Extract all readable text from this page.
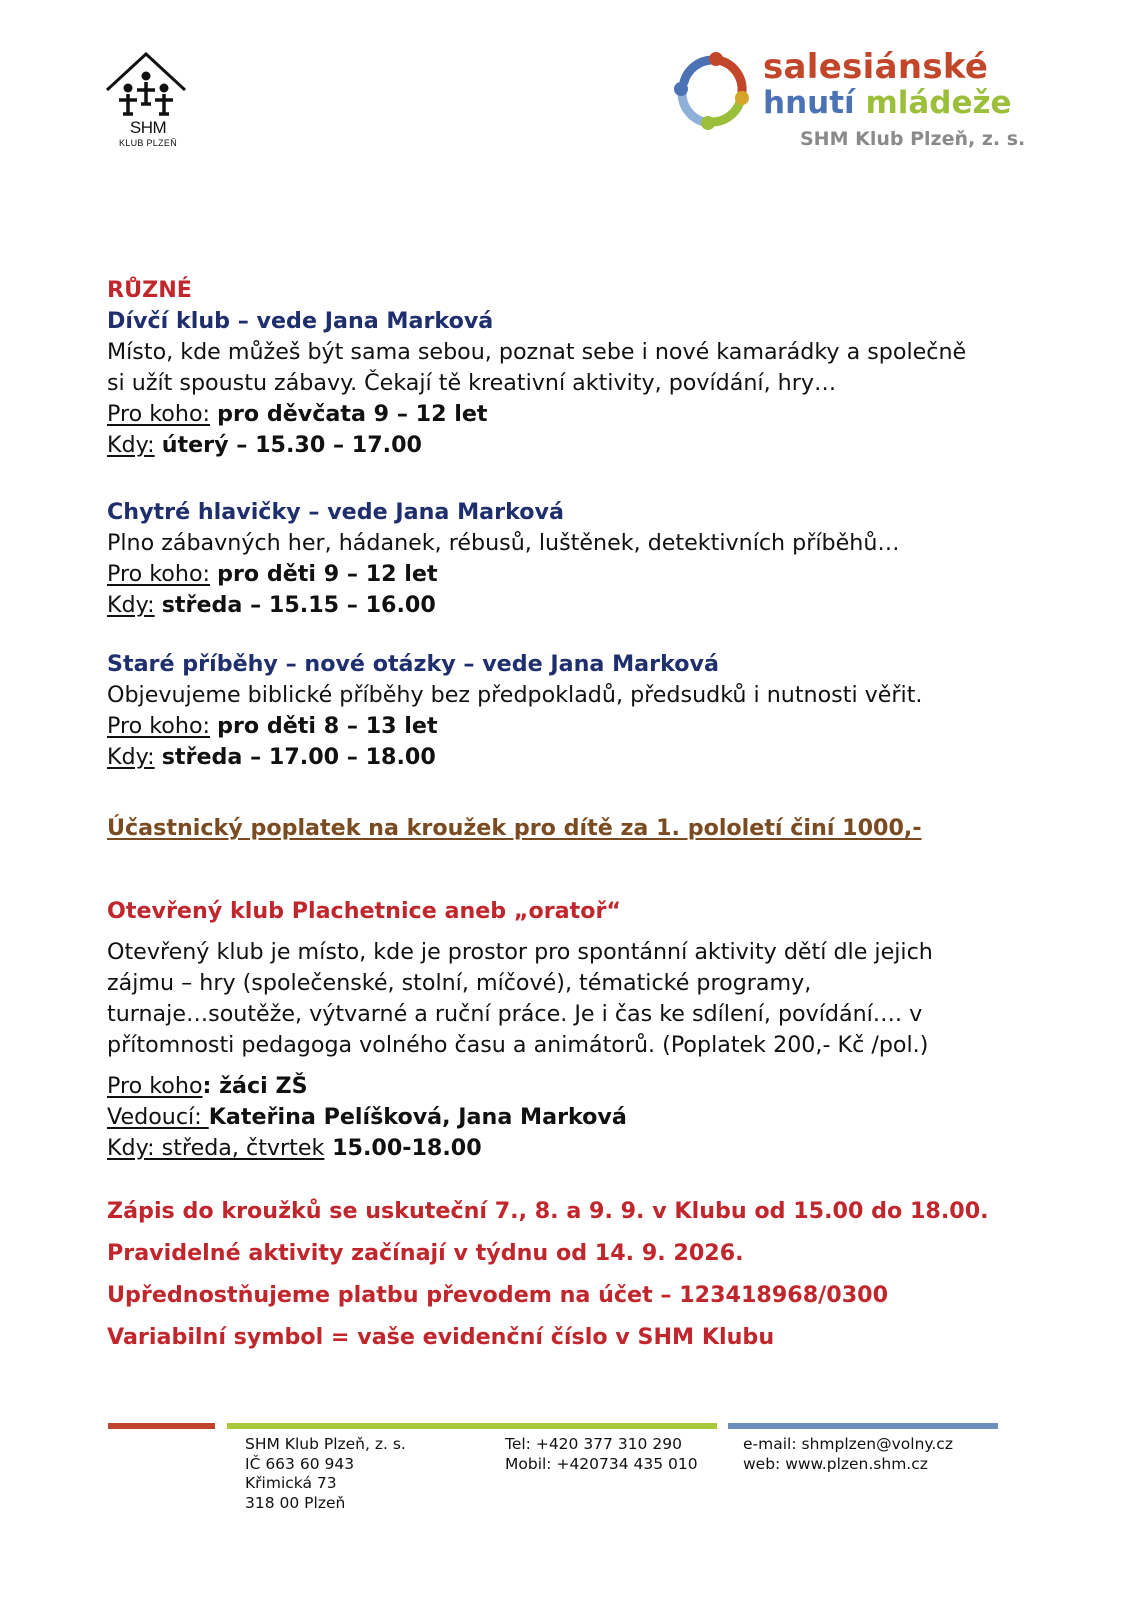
SHM
KLUB PLZEŇ
salesiánské
hnutí mládeže
SHM Klub Plzeň, z. s.
RŮZNÉ
Dívčí klub – vede Jana Marková
Místo, kde můžeš být sama sebou, poznat sebe i nové kamarádky a společně
si užít spoustu zábavy. Čekají tě kreativní aktivity, povídání, hry…
Pro koho: pro děvčata 9 – 12 let
Kdy: úterý – 15.30 – 17.00
Chytré hlavičky – vede Jana Marková
Plno zábavných her, hádanek, rébusů, luštěnek, detektivních příběhů…
Pro koho: pro děti 9 – 12 let
Kdy: středa – 15.15 – 16.00
Staré příběhy – nové otázky – vede Jana Marková
Objevujeme biblické příběhy bez předpokladů, předsudků i nutnosti věřit.
Pro koho: pro děti 8 – 13 let
Kdy: středa – 17.00 – 18.00
Účastnický poplatek na kroužek pro dítě za 1. pololetí činí 1000,-
Otevřený klub Plachetnice aneb „oratoř“
Otevřený klub je místo, kde je prostor pro spontánní aktivity dětí dle jejich
zájmu – hry (společenské, stolní, míčové), tématické programy,
turnaje…soutěže, výtvarné a ruční práce. Je i čas ke sdílení, povídání…. v
přítomnosti pedagoga volného času a animátorů. (Poplatek 200,- Kč /pol.)
Pro koho: žáci ZŠ
Vedoucí: Kateřina Pelíšková, Jana Marková
Kdy: středa, čtvrtek 15.00-18.00
Zápis do kroužků se uskuteční 7., 8. a 9. 9. v Klubu od 15.00 do 18.00.
Pravidelné aktivity začínají v týdnu od 14. 9. 2026.
Upřednostňujeme platbu převodem na účet – 123418968/0300
Variabilní symbol = vaše evidenční číslo v SHM Klubu
SHM Klub Plzeň, z. s.
IČ 663 60 943
Křimická 73
318 00 Plzeň
Tel: +420 377 310 290
Mobil: +420734 435 010
e-mail: shmplzen@volny.cz
web: www.plzen.shm.cz
